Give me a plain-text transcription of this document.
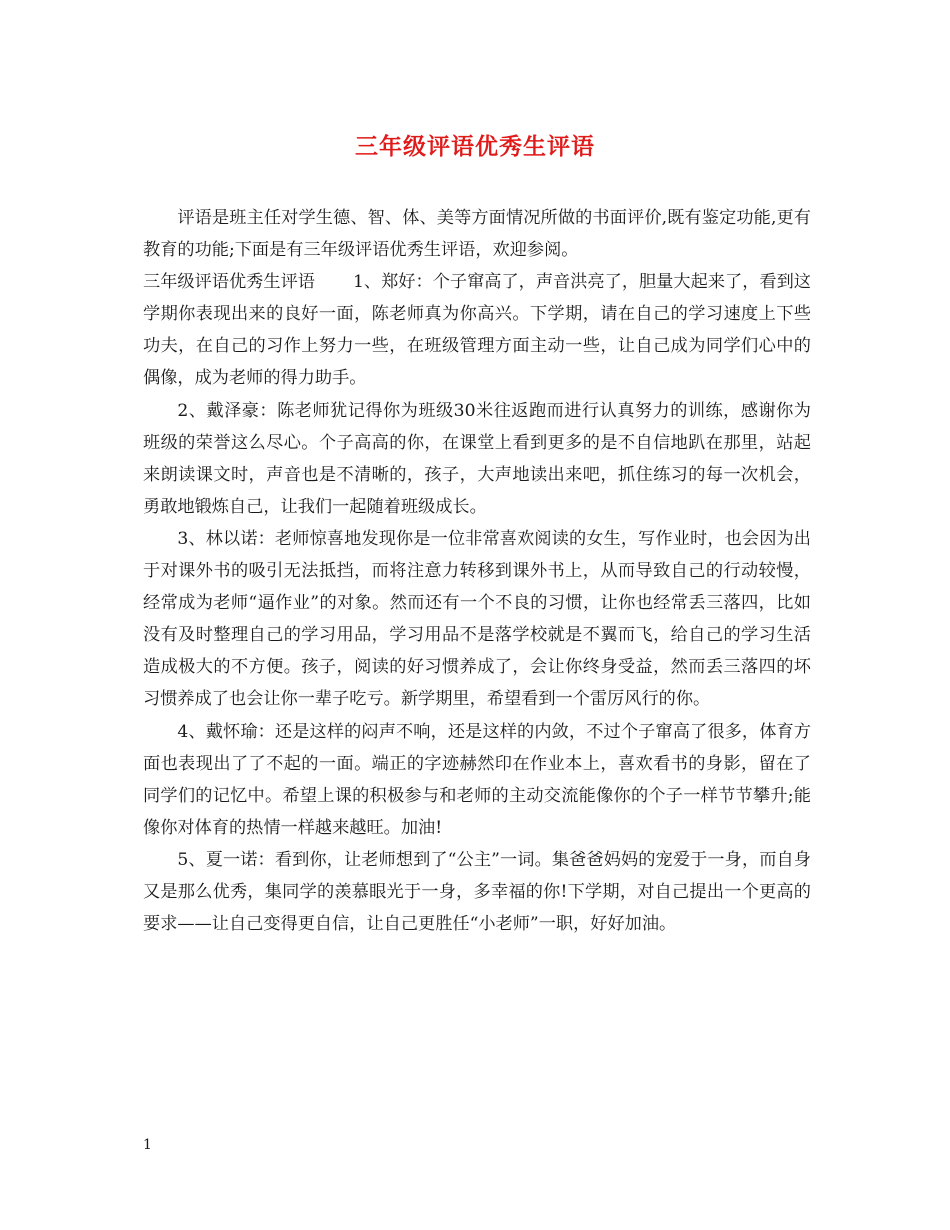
三年级评语优秀生评语

评语是班主任对学生德、智、体、美等方面情况所做的书面评价,既有鉴定功能,更有教育的功能;下面是有三年级评语优秀生评语，欢迎参阅。

三年级评语优秀生评语 1、郑好：个子窜高了，声音洪亮了，胆量大起来了，看到这学期你表现出来的良好一面，陈老师真为你高兴。下学期，请在自己的学习速度上下些功夫，在自己的习作上努力一些，在班级管理方面主动一些，让自己成为同学们心中的偶像，成为老师的得力助手。

2、戴泽豪：陈老师犹记得你为班级30米往返跑而进行认真努力的训练，感谢你为班级的荣誉这么尽心。个子高高的你，在课堂上看到更多的是不自信地趴在那里，站起来朗读课文时，声音也是不清晰的，孩子，大声地读出来吧，抓住练习的每一次机会，勇敢地锻炼自己，让我们一起随着班级成长。

3、林以诺：老师惊喜地发现你是一位非常喜欢阅读的女生，写作业时，也会因为出于对课外书的吸引无法抵挡，而将注意力转移到课外书上，从而导致自己的行动较慢，经常成为老师“逼作业”的对象。然而还有一个不良的习惯，让你也经常丢三落四，比如没有及时整理自己的学习用品，学习用品不是落学校就是不翼而飞，给自己的学习生活造成极大的不方便。孩子，阅读的好习惯养成了，会让你终身受益，然而丢三落四的坏习惯养成了也会让你一辈子吃亏。新学期里，希望看到一个雷厉风行的你。

4、戴怀瑜：还是这样的闷声不响，还是这样的内敛，不过个子窜高了很多，体育方面也表现出了了不起的一面。端正的字迹赫然印在作业本上，喜欢看书的身影，留在了同学们的记忆中。希望上课的积极参与和老师的主动交流能像你的个子一样节节攀升;能像你对体育的热情一样越来越旺。加油!

5、夏一诺：看到你，让老师想到了“公主”一词。集爸爸妈妈的宠爱于一身，而自身又是那么优秀，集同学的羡慕眼光于一身，多幸福的你!下学期，对自己提出一个更高的要求——让自己变得更自信，让自己更胜任“小老师”一职，好好加油。

1
